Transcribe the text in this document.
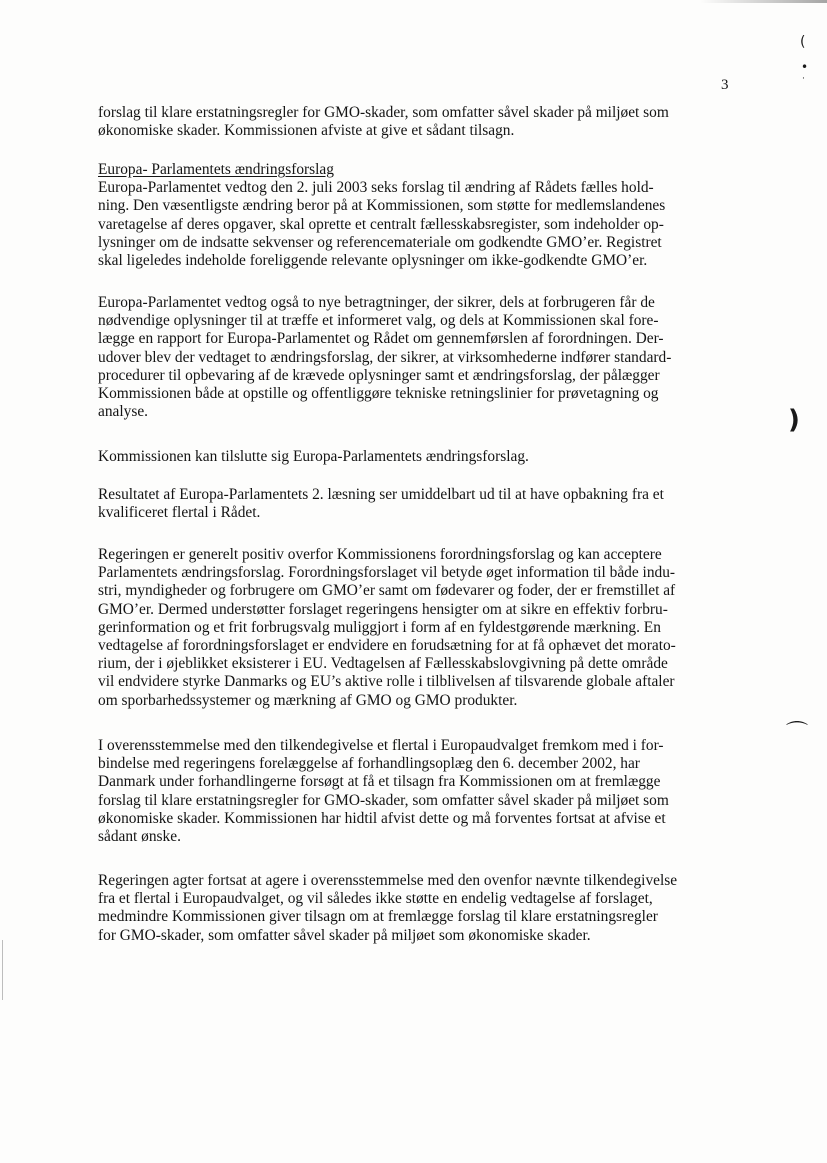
(
•
·
)
⌒
3
forslag til klare erstatningsregler for GMO-skader, som omfatter såvel skader på miljøet som
økonomiske skader. Kommissionen afviste at give et sådant tilsagn.
Europa- Parlamentets ændringsforslag
Europa-Parlamentet vedtog den 2. juli 2003 seks forslag til ændring af Rådets fælles hold-
ning. Den væsentligste ændring beror på at Kommissionen, som støtte for medlemslandenes
varetagelse af deres opgaver, skal oprette et centralt fællesskabsregister, som indeholder op-
lysninger om de indsatte sekvenser og referencemateriale om godkendte GMO’er. Registret
skal ligeledes indeholde foreliggende relevante oplysninger om ikke-godkendte GMO’er.
Europa-Parlamentet vedtog også to nye betragtninger, der sikrer, dels at forbrugeren får de
nødvendige oplysninger til at træffe et informeret valg, og dels at Kommissionen skal fore-
lægge en rapport for Europa-Parlamentet og Rådet om gennemførslen af forordningen. Der-
udover blev der vedtaget to ændringsforslag, der sikrer, at virksomhederne indfører standard-
procedurer til opbevaring af de krævede oplysninger samt et ændringsforslag, der pålægger
Kommissionen både at opstille og offentliggøre tekniske retningslinier for prøvetagning og
analyse.
Kommissionen kan tilslutte sig Europa-Parlamentets ændringsforslag.
Resultatet af Europa-Parlamentets 2. læsning ser umiddelbart ud til at have opbakning fra et
kvalificeret flertal i Rådet.
Regeringen er generelt positiv overfor Kommissionens forordningsforslag og kan acceptere
Parlamentets ændringsforslag. Forordningsforslaget vil betyde øget information til både indu-
stri, myndigheder og forbrugere om GMO’er samt om fødevarer og foder, der er fremstillet af
GMO’er. Dermed understøtter forslaget regeringens hensigter om at sikre en effektiv forbru-
gerinformation og et frit forbrugsvalg muliggjort i form af en fyldestgørende mærkning. En
vedtagelse af forordningsforslaget er endvidere en forudsætning for at få ophævet det morato-
rium, der i øjeblikket eksisterer i EU. Vedtagelsen af Fællesskabslovgivning på dette område
vil endvidere styrke Danmarks og EU’s aktive rolle i tilblivelsen af tilsvarende globale aftaler
om sporbarhedssystemer og mærkning af GMO og GMO produkter.
I overensstemmelse med den tilkendegivelse et flertal i Europaudvalget fremkom med i for-
bindelse med regeringens forelæggelse af forhandlingsoplæg den 6. december 2002, har
Danmark under forhandlingerne forsøgt at få et tilsagn fra Kommissionen om at fremlægge
forslag til klare erstatningsregler for GMO-skader, som omfatter såvel skader på miljøet som
økonomiske skader. Kommissionen har hidtil afvist dette og må forventes fortsat at afvise et
sådant ønske.
Regeringen agter fortsat at agere i overensstemmelse med den ovenfor nævnte tilkendegivelse
fra et flertal i Europaudvalget, og vil således ikke støtte en endelig vedtagelse af forslaget,
medmindre Kommissionen giver tilsagn om at fremlægge forslag til klare erstatningsregler
for GMO-skader, som omfatter såvel skader på miljøet som økonomiske skader.
